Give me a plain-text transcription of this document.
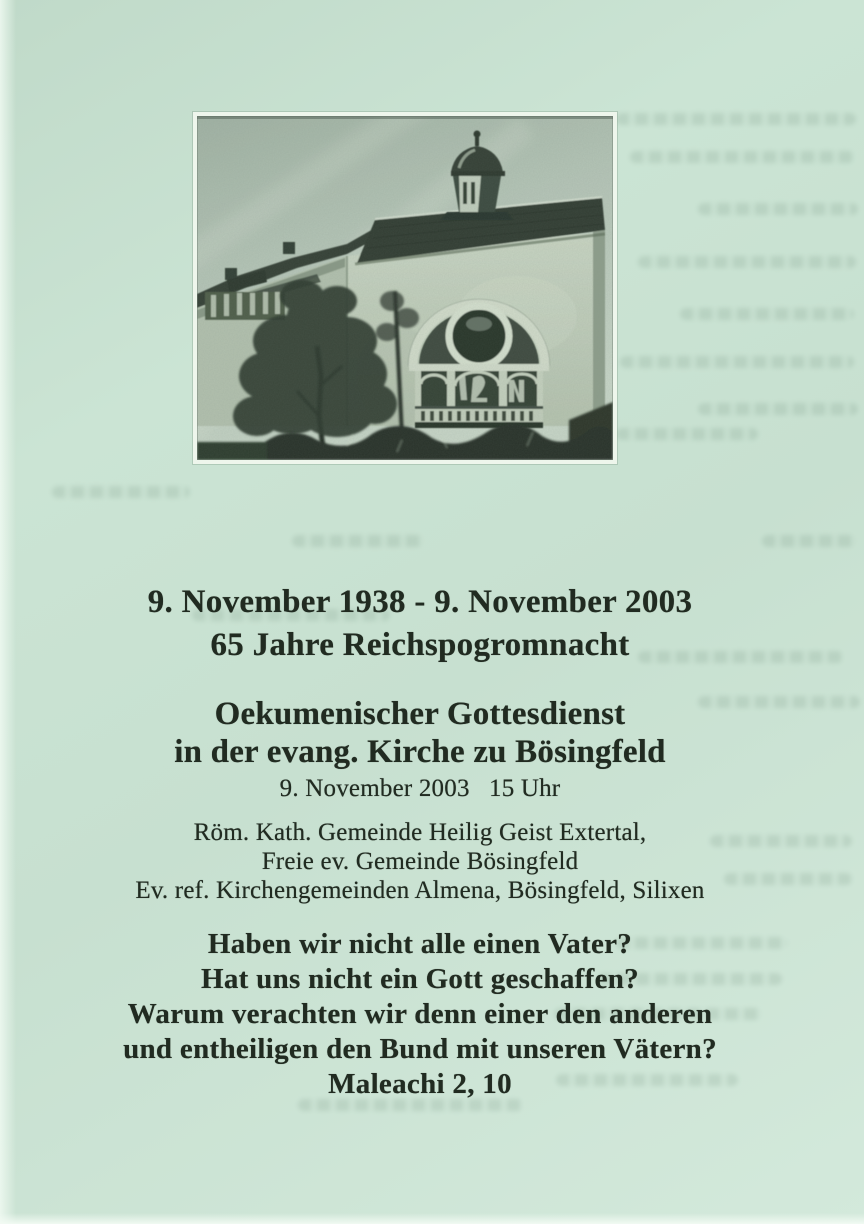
9. November 1938 - 9. November 2003
65 Jahre Reichspogromnacht
Oekumenischer Gottesdienst
in der evang. Kirche zu Bösingfeld
9. November 2003   15 Uhr
Röm. Kath. Gemeinde Heilig Geist Extertal,
Freie ev. Gemeinde Bösingfeld
Ev. ref. Kirchengemeinden Almena, Bösingfeld, Silixen
Haben wir nicht alle einen Vater?
Hat uns nicht ein Gott geschaffen?
Warum verachten wir denn einer den anderen
und entheiligen den Bund mit unseren Vätern?
Maleachi 2, 10
